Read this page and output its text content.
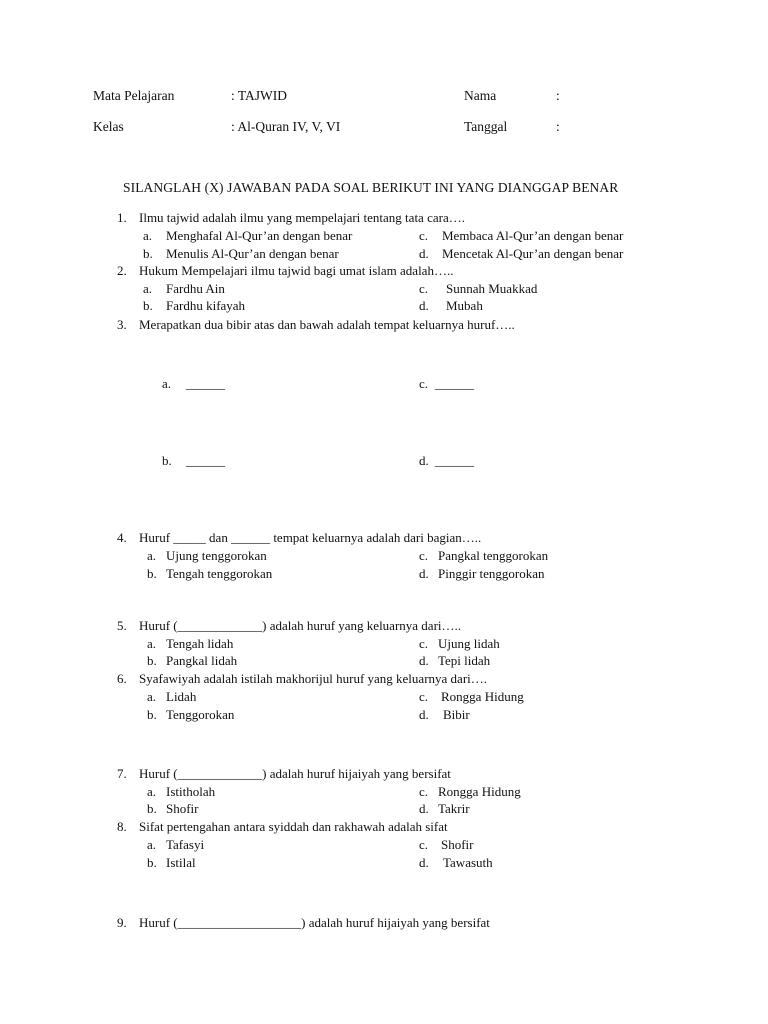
Mata Pelajaran	: TAJWID	Nama	:
Kelas	: Al-Quran IV, V, VI	Tanggal	:
SILANGLAH (X) JAWABAN PADA SOAL BERIKUT INI YANG DIANGGAP BENAR
1. Ilmu tajwid adalah ilmu yang mempelajari tentang tata cara….
a. Menghafal Al-Qur’an dengan benar	c. Membaca Al-Qur’an dengan benar
b. Menulis Al-Qur’an dengan benar	d. Mencetak Al-Qur’an dengan benar
2. Hukum Mempelajari ilmu tajwid bagi umat islam adalah…..
a. Fardhu Ain	c. Sunnah Muakkad
b. Fardhu kifayah	d. Mubah
3. Merapatkan dua bibir atas dan bawah adalah tempat keluarnya huruf…..
a. ______	c. ______
b. ______	d. ______
4. Huruf _____ dan ______ tempat keluarnya adalah dari bagian…..
a. Ujung tenggorokan	c. Pangkal tenggorokan
b. Tengah tenggorokan	d. Pinggir tenggorokan
5. Huruf (_____________) adalah huruf yang keluarnya dari…..
a. Tengah lidah	c. Ujung lidah
b. Pangkal lidah	d. Tepi lidah
6. Syafawiyah adalah istilah makhorijul huruf yang keluarnya dari….
a. Lidah	c. Rongga Hidung
b. Tenggorokan	d. Bibir
7. Huruf (_____________) adalah huruf hijaiyah yang bersifat
a. Istitholah	c. Rongga Hidung
b. Shofir	d. Takrir
8. Sifat pertengahan antara syiddah dan rakhawah adalah sifat
a. Tafasyi	c. Shofir
b. Istilal	d. Tawasuth
9. Huruf (___________________) adalah huruf hijaiyah yang bersifat
